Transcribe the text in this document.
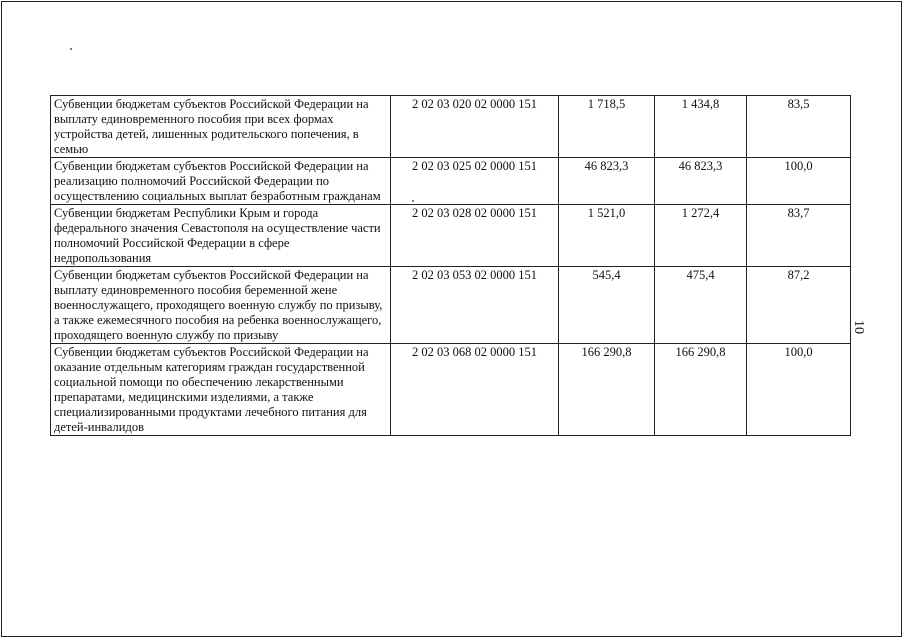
Субвенции бюджетам субъектов Российской Федерации на выплату единовременного пособия при всех формах устройства детей, лишенных родительского попечения, в семью	2 02 03 020 02 0000 151	1 718,5	1 434,8	83,5
Субвенции бюджетам субъектов Российской Федерации на реализацию полномочий Российской Федерации по осуществлению социальных выплат безработным гражданам	2 02 03 025 02 0000 151	46 823,3	46 823,3	100,0
Субвенции бюджетам Республики Крым и города федерального значения Севастополя на осуществление части полномочий Российской Федерации в сфере недропользования	2 02 03 028 02 0000 151	1 521,0	1 272,4	83,7
Субвенции бюджетам субъектов Российской Федерации на выплату единовременного пособия беременной жене военнослужащего, проходящего военную службу по призыву, а также ежемесячного пособия на ребенка военнослужащего, проходящего военную службу по призыву	2 02 03 053 02 0000 151	545,4	475,4	87,2
Субвенции бюджетам субъектов Российской Федерации на оказание отдельным категориям граждан государственной социальной помощи по обеспечению лекарственными препаратами, медицинскими изделиями, а также специализированными продуктами лечебного питания для детей-инвалидов	2 02 03 068 02 0000 151	166 290,8	166 290,8	100,0
10
